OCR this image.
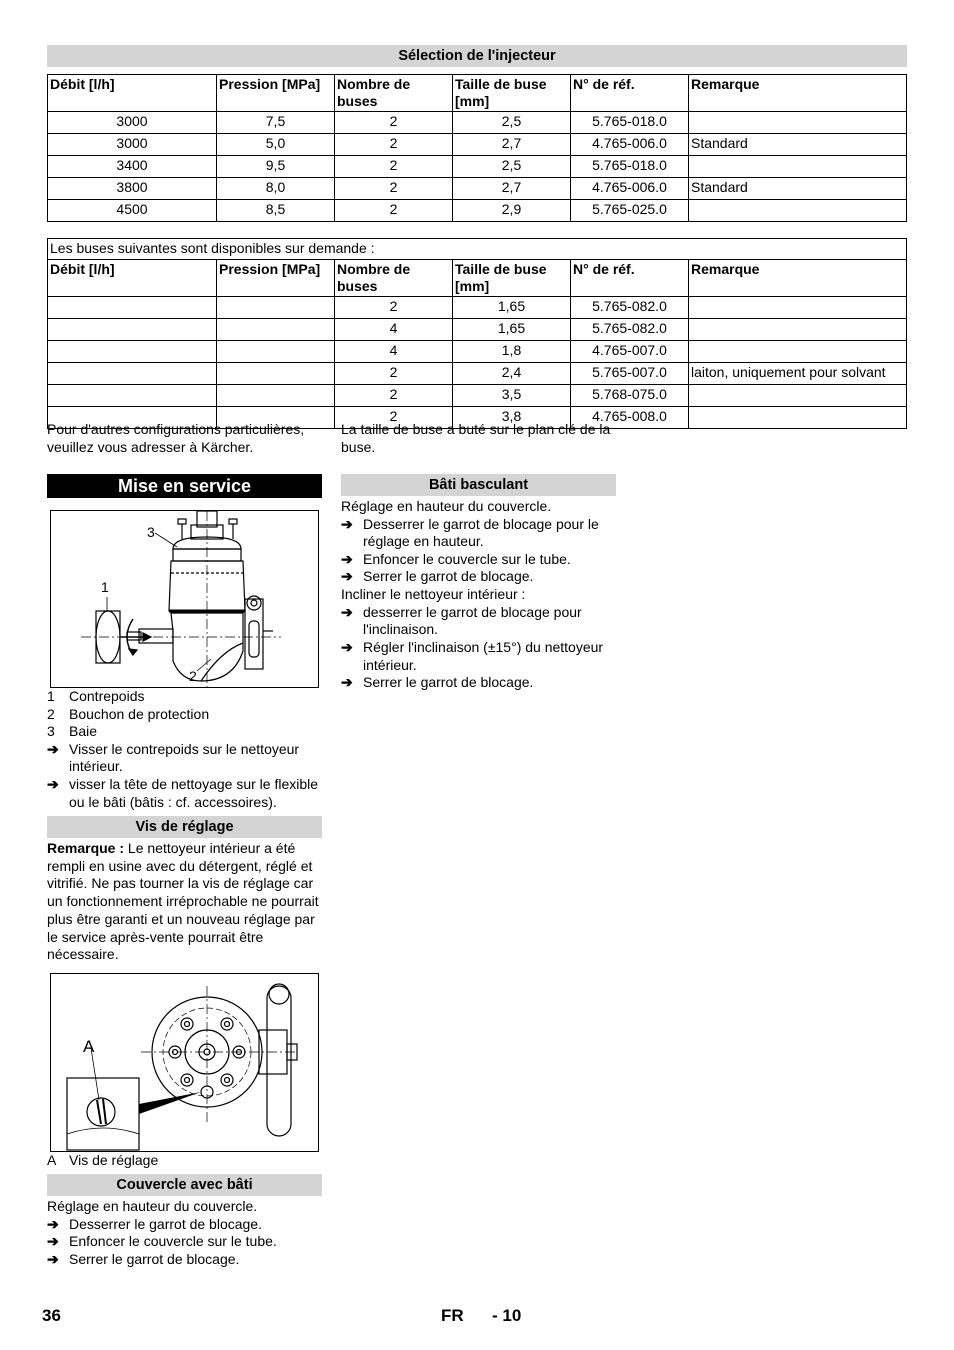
Sélection de l'injecteur
Débit [l/h]	Pression [MPa]	Nombre de buses	Taille de buse [mm]	N° de réf.	Remarque
3000	7,5	2	2,5	5.765-018.0	
3000	5,0	2	2,7	4.765-006.0	Standard
3400	9,5	2	2,5	5.765-018.0	
3800	8,0	2	2,7	4.765-006.0	Standard
4500	8,5	2	2,9	5.765-025.0	
Les buses suivantes sont disponibles sur demande :					
Débit [l/h]	Pression [MPa]	Nombre de buses	Taille de buse [mm]	N° de réf.	Remarque
		2	1,65	5.765-082.0	
		4	1,65	5.765-082.0	
		4	1,8	4.765-007.0	
		2	2,4	5.765-007.0	laiton, uniquement pour solvant
		2	3,5	5.768-075.0	
		2	3,8	4.765-008.0	
Pour d'autres configurations particulières, veuillez vous adresser à Kärcher.
La taille de buse a buté sur le plan clé de la buse.
Mise en service
3
1
2
1 Contrepoids
2 Bouchon de protection
3 Baie
➔ Visser le contrepoids sur le nettoyeur intérieur.
➔ visser la tête de nettoyage sur le flexible ou le bâti (bâtis : cf. accessoires).
Vis de réglage
Remarque : Le nettoyeur intérieur a été rempli en usine avec du détergent, réglé et vitrifié. Ne pas tourner la vis de réglage car un fonctionnement irréprochable ne pourrait plus être garanti et un nouveau réglage par le service après-vente pourrait être nécessaire.
A
A Vis de réglage
Couvercle avec bâti
Réglage en hauteur du couvercle.
➔ Desserrer le garrot de blocage.
➔ Enfoncer le couvercle sur le tube.
➔ Serrer le garrot de blocage.
Bâti basculant
Réglage en hauteur du couvercle.
➔ Desserrer le garrot de blocage pour le réglage en hauteur.
➔ Enfoncer le couvercle sur le tube.
➔ Serrer le garrot de blocage.
Incliner le nettoyeur intérieur :
➔ desserrer le garrot de blocage pour l'inclinaison.
➔ Régler l'inclinaison (±15°) du nettoyeur intérieur.
➔ Serrer le garrot de blocage.
36	FR - 10
